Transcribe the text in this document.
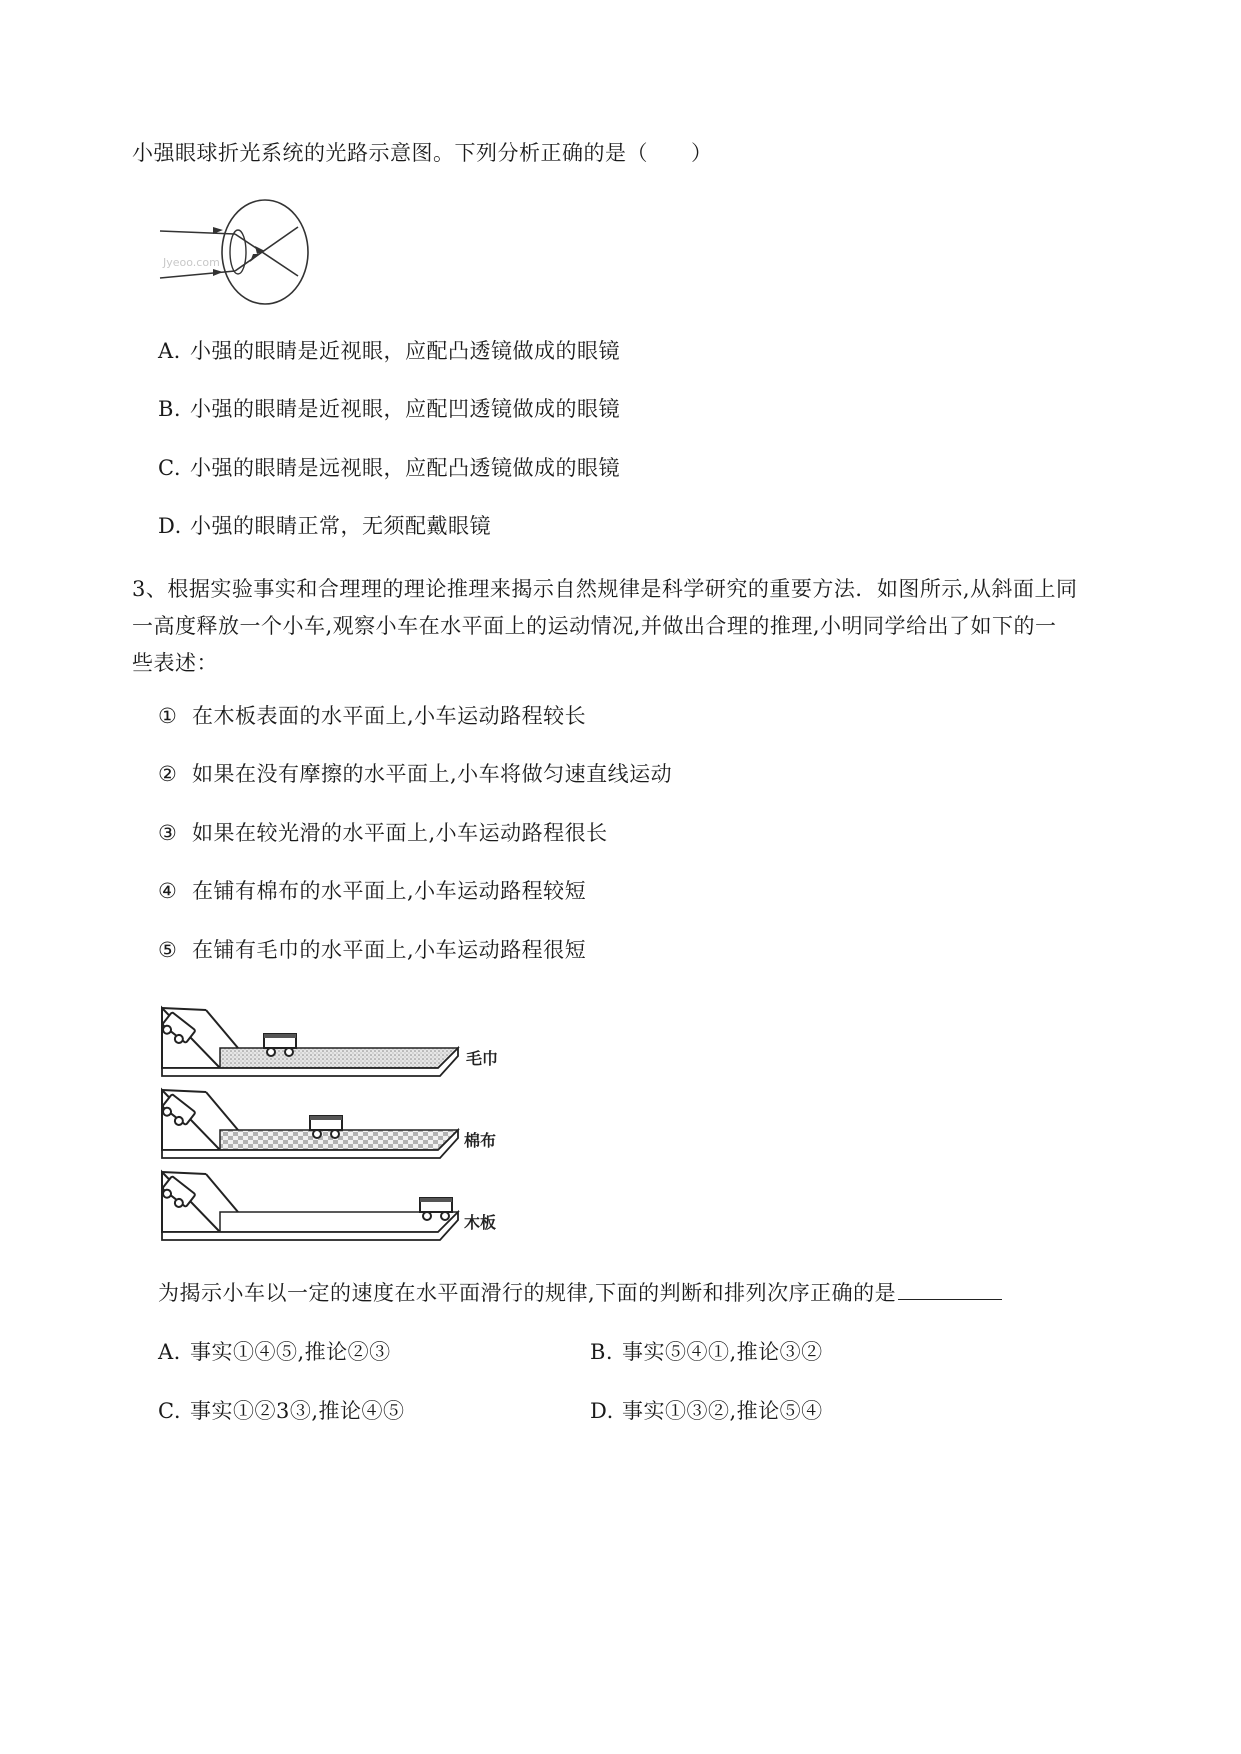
小强眼球折光系统的光路示意图。下列分析正确的是（　　）
Jyeoo.com
A. 小强的眼睛是近视眼，应配凸透镜做成的眼镜
B. 小强的眼睛是近视眼，应配凹透镜做成的眼镜
C. 小强的眼睛是远视眼，应配凸透镜做成的眼镜
D. 小强的眼睛正常，无须配戴眼镜
3、根据实验事实和合理理的理论推理来揭示自然规律是科学研究的重要方法．如图所示,从斜面上同
一高度释放一个小车,观察小车在水平面上的运动情况,并做出合理的推理,小明同学给出了如下的一
些表述：
① 在木板表面的水平面上,小车运动路程较长
② 如果在没有摩擦的水平面上,小车将做匀速直线运动
③ 如果在较光滑的水平面上,小车运动路程很长
④ 在铺有棉布的水平面上,小车运动路程较短
⑤ 在铺有毛巾的水平面上,小车运动路程很短
毛巾
棉布
木板
为揭示小车以一定的速度在水平面滑行的规律,下面的判断和排列次序正确的是
A. 事实①④⑤,推论②③	B. 事实⑤④①,推论③②
C. 事实①②3③,推论④⑤	D. 事实①③②,推论⑤④
